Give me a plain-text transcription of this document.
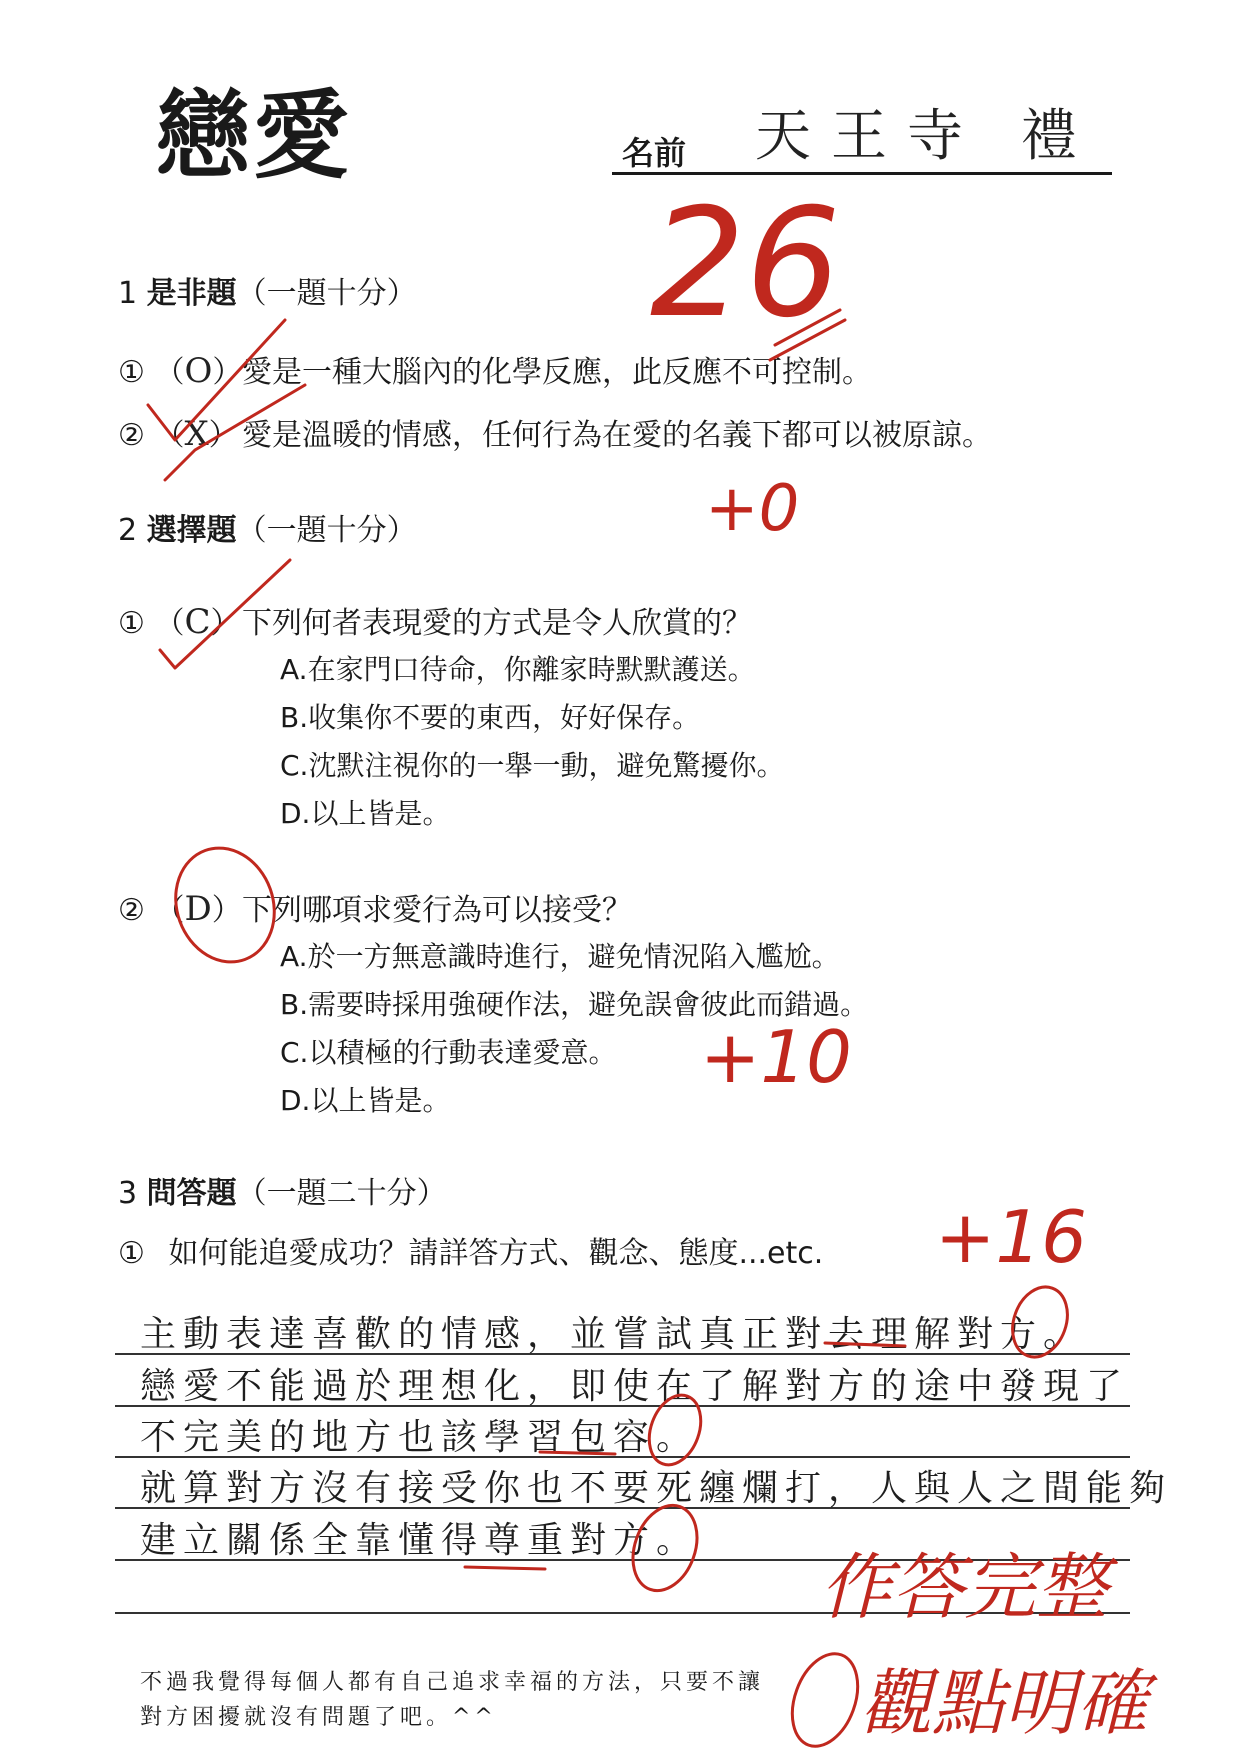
戀愛	名前 天王寺 禮
1 是非題（一題十分）
① （O） 愛是一種大腦內的化學反應，此反應不可控制。
② （X） 愛是溫暖的情感，任何行為在愛的名義下都可以被原諒。
2 選擇題（一題十分）
① （C） 下列何者表現愛的方式是令人欣賞的？
A.在家門口待命，你離家時默默護送。
B.收集你不要的東西，好好保存。
C.沈默注視你的一舉一動，避免驚擾你。
D.以上皆是。
② （D） 下列哪項求愛行為可以接受？
A.於一方無意識時進行，避免情況陷入尷尬。
B.需要時採用強硬作法，避免誤會彼此而錯過。
C.以積極的行動表達愛意。
D.以上皆是。
3 問答題（一題二十分）
① 如何能追愛成功？請詳答方式、觀念、態度...etc.
主動表達喜歡的情感，並嘗試真正對去理解對方。
戀愛不能過於理想化，即使在了解對方的途中發現了
不完美的地方也該學習包容。
就算對方沒有接受你也不要死纏爛打，人與人之間能夠
建立關係全靠懂得尊重對方。
不過我覺得每個人都有自己追求幸福的方法，只要不讓
對方困擾就沒有問題了吧。^^
26
+0
+10
+16
作答完整
觀點明確
